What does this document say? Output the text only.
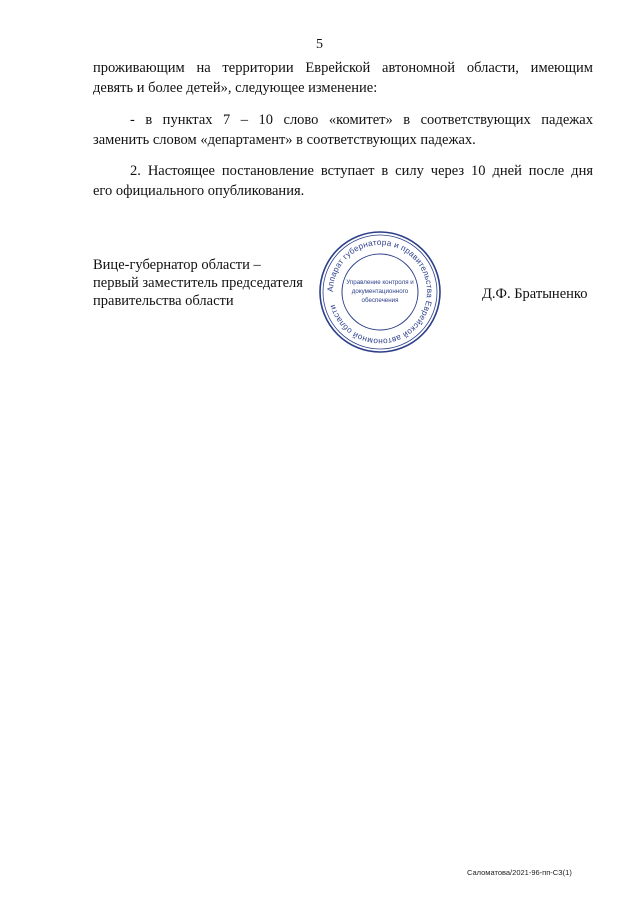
5
проживающим на территории Еврейской автономной области, имеющим
девять и более детей», следующее изменение:
- в пунктах 7 – 10 слово «комитет» в соответствующих падежах
заменить словом «департамент» в соответствующих падежах.
2. Настоящее постановление вступает в силу через 10 дней после дня
его официального опубликования.
Вице-губернатор области –
первый заместитель председателя
правительства области
Аппарат губернатора и правительства Еврейской автономной области
Управление контроля и
документационного
обеспечения	Д.Ф. Братыненко
Саломатова/2021-96-пп-СЗ(1)
